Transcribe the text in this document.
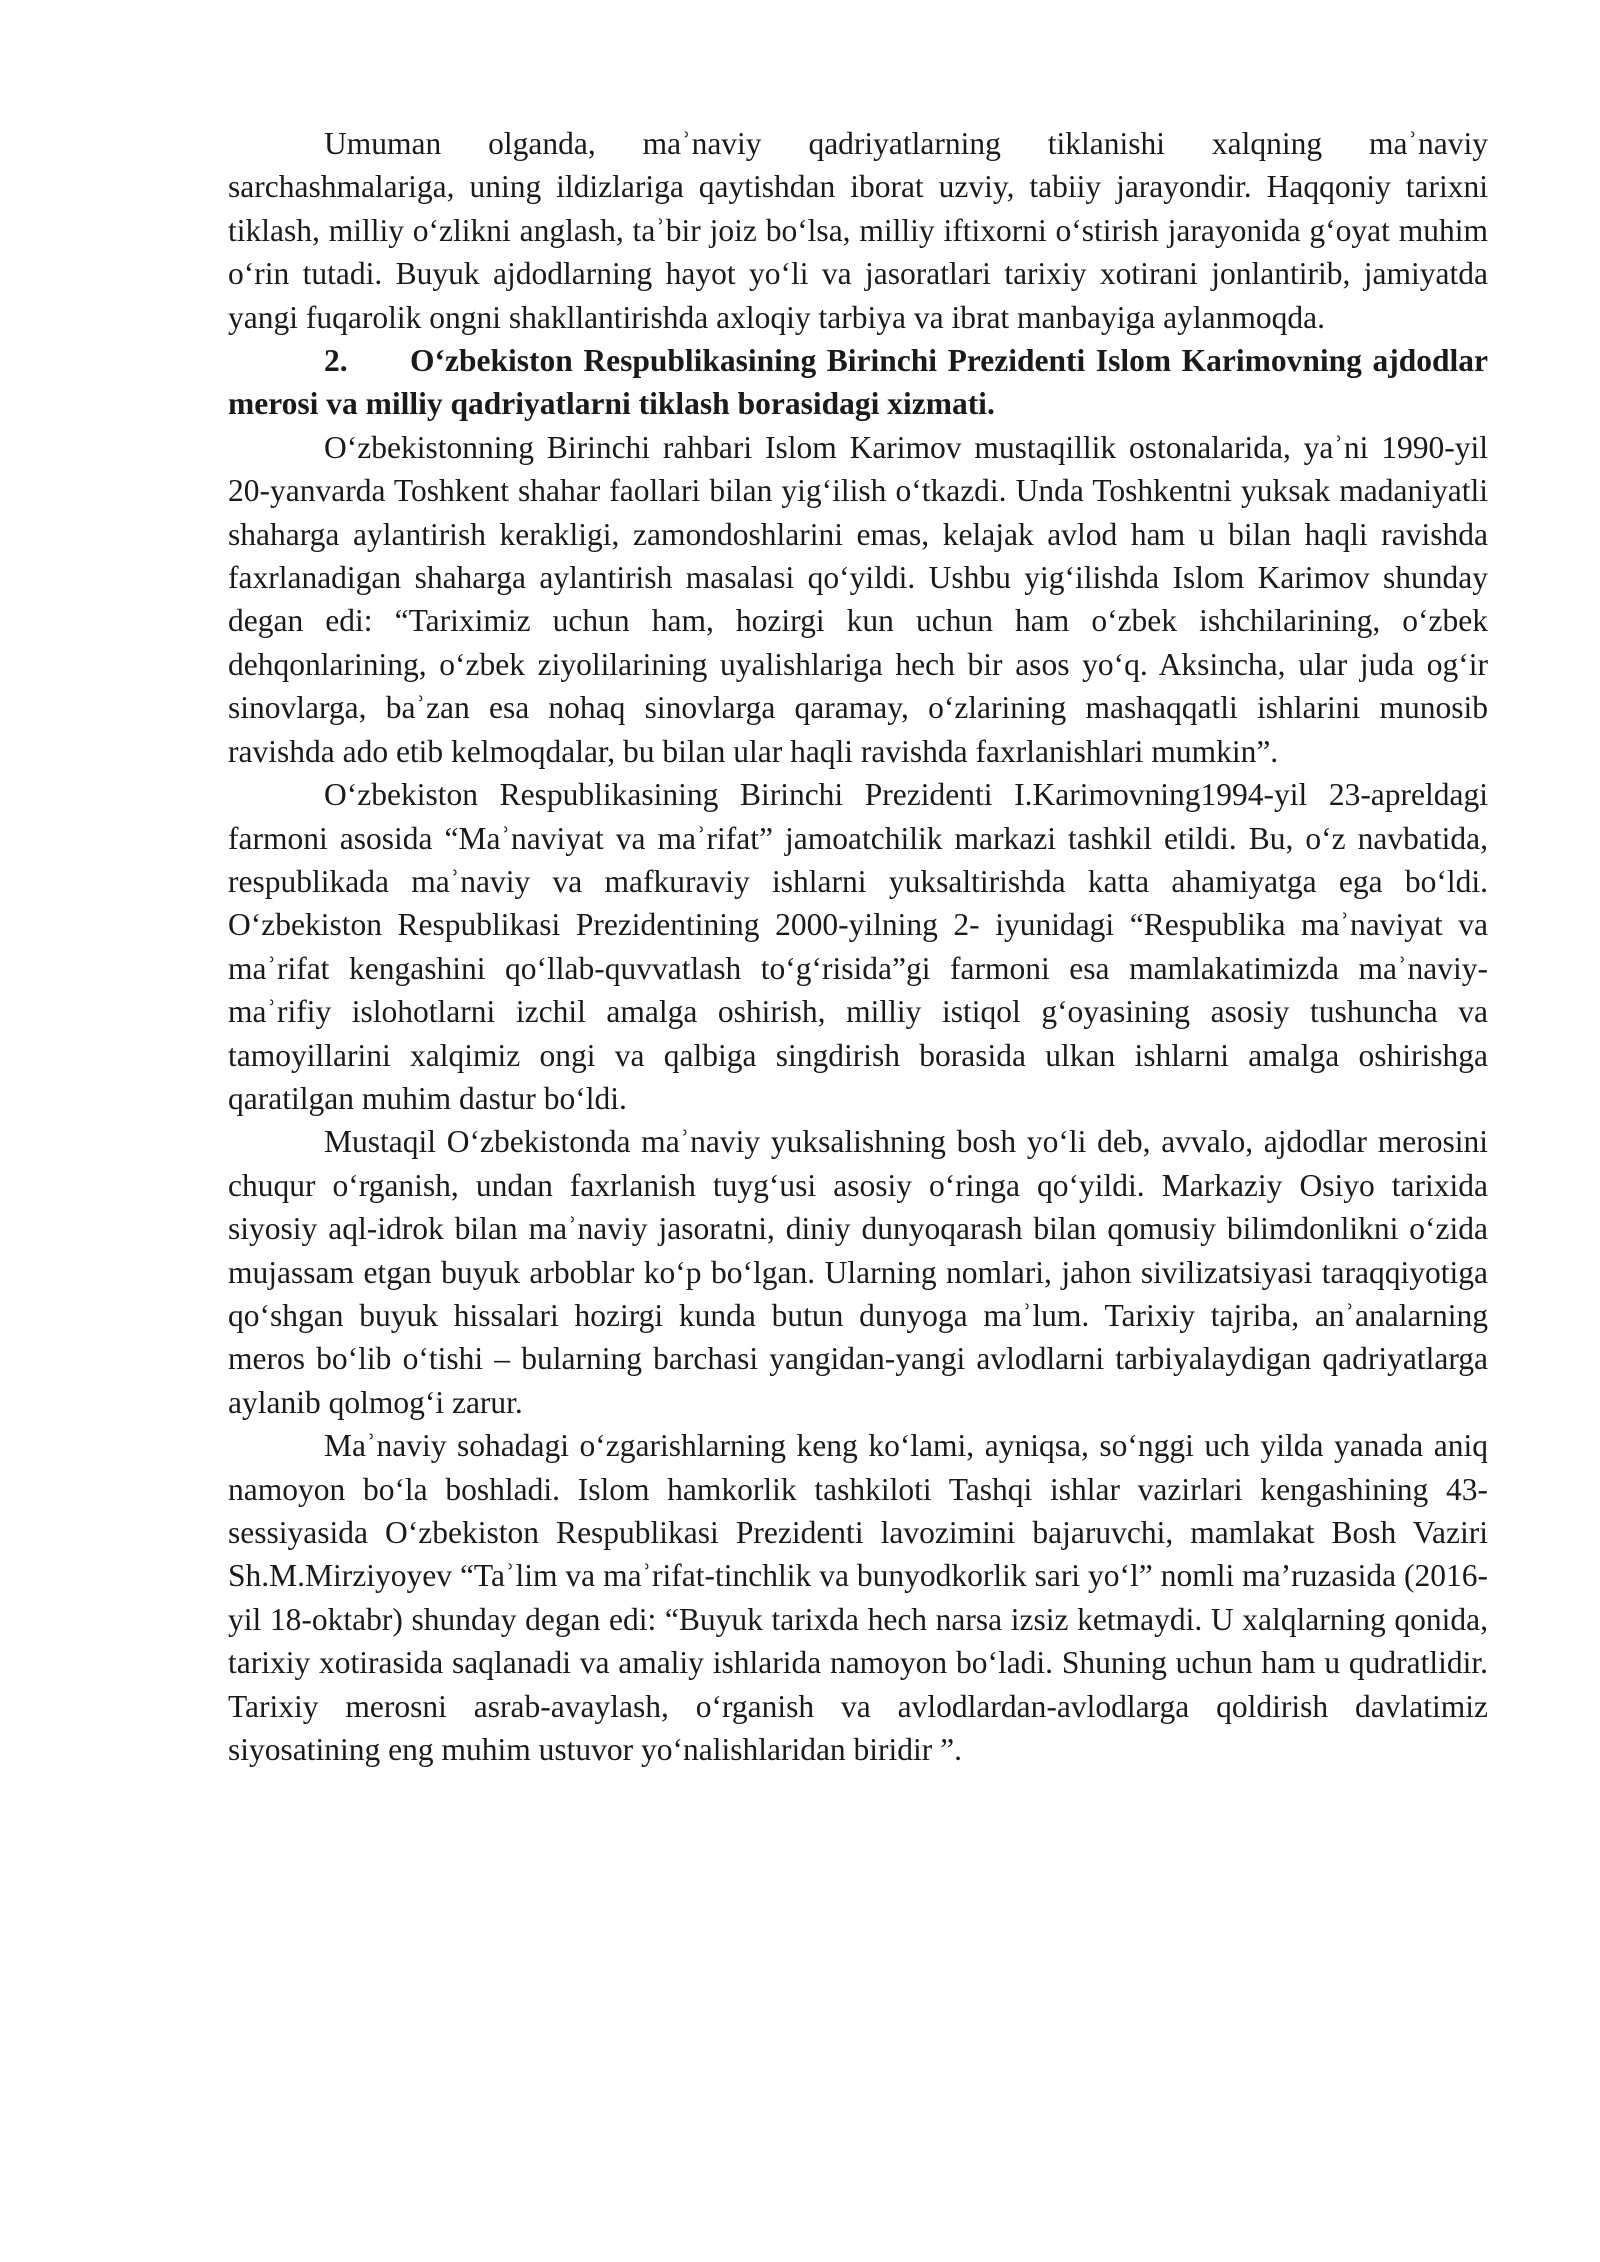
Umuman olganda, maʾnaviy qadriyatlarning tiklanishi xalqning maʾnaviy sarchashmalariga, uning ildizlariga qaytishdan iborat uzviy, tabiiy jarayondir. Haqqoniy tarixni tiklash, milliy o‘zlikni anglash, taʾbir joiz bo‘lsa, milliy iftixorni o‘stirish jarayonida g‘oyat muhim o‘rin tutadi. Buyuk ajdodlarning hayot yo‘li va jasoratlari tarixiy xotirani jonlantirib, jamiyatda yangi fuqarolik ongni shakllantirishda axloqiy tarbiya va ibrat manbayiga aylanmoqda.

2. O‘zbekiston Respublikasining Birinchi Prezidenti Islom Karimovning ajdodlar merosi va milliy qadriyatlarni tiklash borasidagi xizmati.

O‘zbekistonning Birinchi rahbari Islom Karimov mustaqillik ostonalarida, yaʾni 1990-yil 20-yanvarda Toshkent shahar faollari bilan yig‘ilish o‘tkazdi. Unda Toshkentni yuksak madaniyatli shaharga aylantirish kerakligi, zamondoshlarini emas, kelajak avlod ham u bilan haqli ravishda faxrlanadigan shaharga aylantirish masalasi qo‘yildi. Ushbu yig‘ilishda Islom Karimov shunday degan edi: “Tariximiz uchun ham, hozirgi kun uchun ham o‘zbek ishchilarining, o‘zbek dehqonlarining, o‘zbek ziyolilarining uyalishlariga hech bir asos yo‘q. Aksincha, ular juda og‘ir sinovlarga, baʾzan esa nohaq sinovlarga qaramay, o‘zlarining mashaqqatli ishlarini munosib ravishda ado etib kelmoqdalar, bu bilan ular haqli ravishda faxrlanishlari mumkin”.

O‘zbekiston Respublikasining Birinchi Prezidenti I.Karimovning1994-yil 23-apreldagi farmoni asosida “Maʾnaviyat va maʾrifat” jamoatchilik markazi tashkil etildi. Bu, o‘z navbatida, respublikada maʾnaviy va mafkuraviy ishlarni yuksaltirishda katta ahamiyatga ega bo‘ldi. O‘zbekiston Respublikasi Prezidentining 2000-yilning 2- iyunidagi “Respublika maʾnaviyat va maʾrifat kengashini qo‘llab-quvvatlash to‘g‘risida”gi farmoni esa mamlakatimizda maʾnaviy-maʾrifiy islohotlarni izchil amalga oshirish, milliy istiqol g‘oyasining asosiy tushuncha va tamoyillarini xalqimiz ongi va qalbiga singdirish borasida ulkan ishlarni amalga oshirishga qaratilgan muhim dastur bo‘ldi.

Mustaqil O‘zbekistonda maʾnaviy yuksalishning bosh yo‘li deb, avvalo, ajdodlar merosini chuqur o‘rganish, undan faxrlanish tuyg‘usi asosiy o‘ringa qo‘yildi. Markaziy Osiyo tarixida siyosiy aql-idrok bilan maʾnaviy jasoratni, diniy dunyoqarash bilan qomusiy bilimdonlikni o‘zida mujassam etgan buyuk arboblar ko‘p bo‘lgan. Ularning nomlari, jahon sivilizatsiyasi taraqqiyotiga qo‘shgan buyuk hissalari hozirgi kunda butun dunyoga maʾlum. Tarixiy tajriba, anʾanalarning meros bo‘lib o‘tishi – bularning barchasi yangidan-yangi avlodlarni tarbiyalaydigan qadriyatlarga aylanib qolmog‘i zarur.

Maʾnaviy sohadagi o‘zgarishlarning keng ko‘lami, ayniqsa, so‘nggi uch yilda yanada aniq namoyon bo‘la boshladi. Islom hamkorlik tashkiloti Tashqi ishlar vazirlari kengashining 43-sessiyasida O‘zbekiston Respublikasi Prezidenti lavozimini bajaruvchi, mamlakat Bosh Vaziri Sh.M.Mirziyoyev “Taʾlim va maʾrifat-tinchlik va bunyodkorlik sari yo‘l” nomli ma’ruzasida (2016-yil 18-oktabr) shunday degan edi: “Buyuk tarixda hech narsa izsiz ketmaydi. U xalqlarning qonida, tarixiy xotirasida saqlanadi va amaliy ishlarida namoyon bo‘ladi. Shuning uchun ham u qudratlidir. Tarixiy merosni asrab-avaylash, o‘rganish va avlodlardan-avlodlarga qoldirish davlatimiz siyosatining eng muhim ustuvor yo‘nalishlaridan biridir ”.
